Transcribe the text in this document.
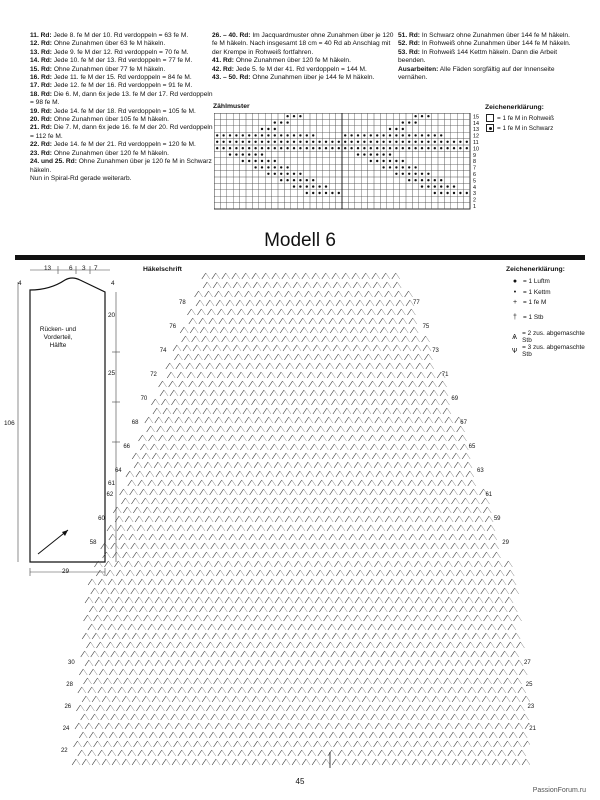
11. Rd: Jede 8. fe M der 10. Rd verdoppeln = 63 fe M.

12. Rd: Ohne Zunahmen über 63 fe M häkeln.

13. Rd: Jede 9. fe M der 12. Rd verdoppeln = 70 fe M.

14. Rd: Jede 10. fe M der 13. Rd verdoppeln = 77 fe M.

15. Rd: Ohne Zunahmen über 77 fe M häkeln.

16. Rd: Jede 11. fe M der 15. Rd verdoppeln = 84 fe M.

17. Rd: Jede 12. fe M der 16. Rd verdoppeln = 91 fe M.

18. Rd: Die 6. M, dann 6x jede 13. fe M der 17. Rd verdoppeln = 98 fe M.

19. Rd: Jede 14. fe M der 18. Rd verdoppeln = 105 fe M.

20. Rd: Ohne Zunahmen über 105 fe M häkeln.

21. Rd: Die 7. M, dann 6x jede 16. fe M der 20. Rd verdoppeln = 112 fe M.

22. Rd: Jede 14. fe M der 21. Rd verdoppeln = 120 fe M.

23. Rd: Ohne Zunahmen über 120 fe M häkeln.

24. und 25. Rd: Ohne Zunahmen über je 120 fe M in Schwarz häkeln.

Nun in Spiral-Rd gerade weiterarb.

26. – 40. Rd: Im Jacquardmuster ohne Zunahmen über je 120 fe M häkeln. Nach insgesamt 18 cm = 40 Rd ab Anschlag mit der Krempe in Rohweiß fortfahren.

41. Rd: Ohne Zunahmen über 120 fe M häkeln.

42. Rd: Jede 5. fe M der 41. Rd verdoppeln = 144 M.

43. – 50. Rd: Ohne Zunahmen über je 144 fe M häkeln.

51. Rd: In Schwarz ohne Zunahmen über 144 fe M häkeln.

52. Rd: In Rohweiß ohne Zunahmen über 144 fe M häkeln.

53. Rd: In Rohweiß 144 Kettm häkeln. Dann die Arbeit beenden.

Ausarbeiten: Alle Fäden sorgfältig auf der Innenseite vernähen.

Zählmuster
15
14
13
12
11
10
9
8
7
6
5
4
3
2
1
Zeichenerklärung:
= 1 fe M in Rohweiß
= 1 fe M in Schwarz
Modell 6
13	6 3 7
4	4
20
25
61
106
29
Rücken- und Vorderteil, Hälfte
Häkelschrift
78
76
74
72
70
68
66
64
62
60
58
30
28
26
24
22
77
75
73
71
69
67
65
63
61
59
29
27
25
23
21
Zeichenerklärung:
● = 1 Luftm
•	= 1 Kettm
+ = 1 fe M
† = 1 Stb
Ѧ = 2 zus. abgemaschte Stb
Ѱ = 3 zus. abgemaschte Stb
45
PassionForum.ru
